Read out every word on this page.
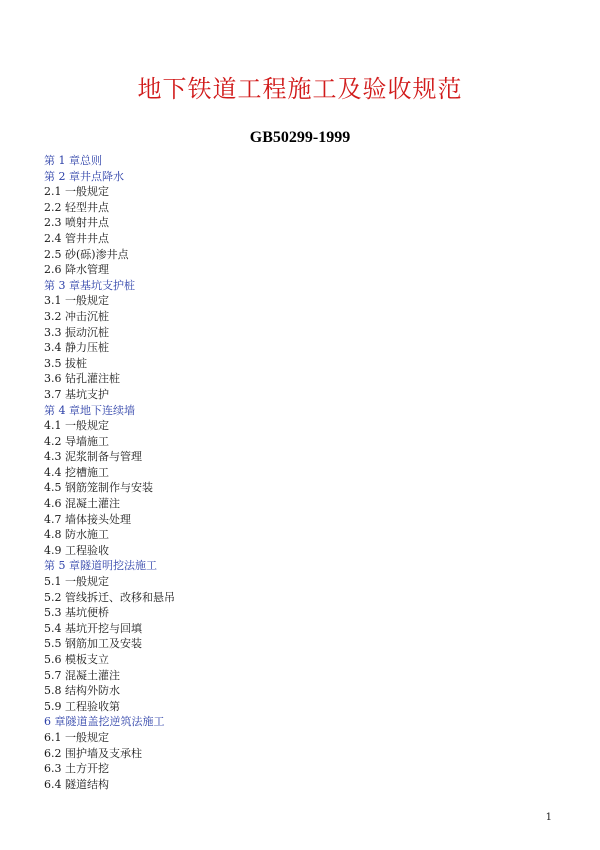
地下铁道工程施工及验收规范
GB50299-1999
第 1 章总则
第 2 章井点降水
2.1 一般规定
2.2 轻型井点
2.3 喷射井点
2.4 管井井点
2.5 砂(砾)渗井点
2.6 降水管理
第 3 章基坑支护桩
3.1 一般规定
3.2 冲击沉桩
3.3 振动沉桩
3.4 静力压桩
3.5 拔桩
3.6 钻孔灌注桩
3.7 基坑支护
第 4 章地下连续墙
4.1 一般规定
4.2 导墙施工
4.3 泥浆制备与管理
4.4 挖槽施工
4.5 钢筋笼制作与安装
4.6 混凝土灌注
4.7 墙体接头处理
4.8 防水施工
4.9 工程验收
第 5 章隧道明挖法施工
5.1 一般规定
5.2 管线拆迁、改移和悬吊
5.3 基坑便桥
5.4 基坑开挖与回填
5.5 钢筋加工及安装
5.6 模板支立
5.7 混凝土灌注
5.8 结构外防水
5.9 工程验收第
6 章隧道盖挖逆筑法施工
6.1 一般规定
6.2 围护墙及支承柱
6.3 土方开挖
6.4 隧道结构
1
